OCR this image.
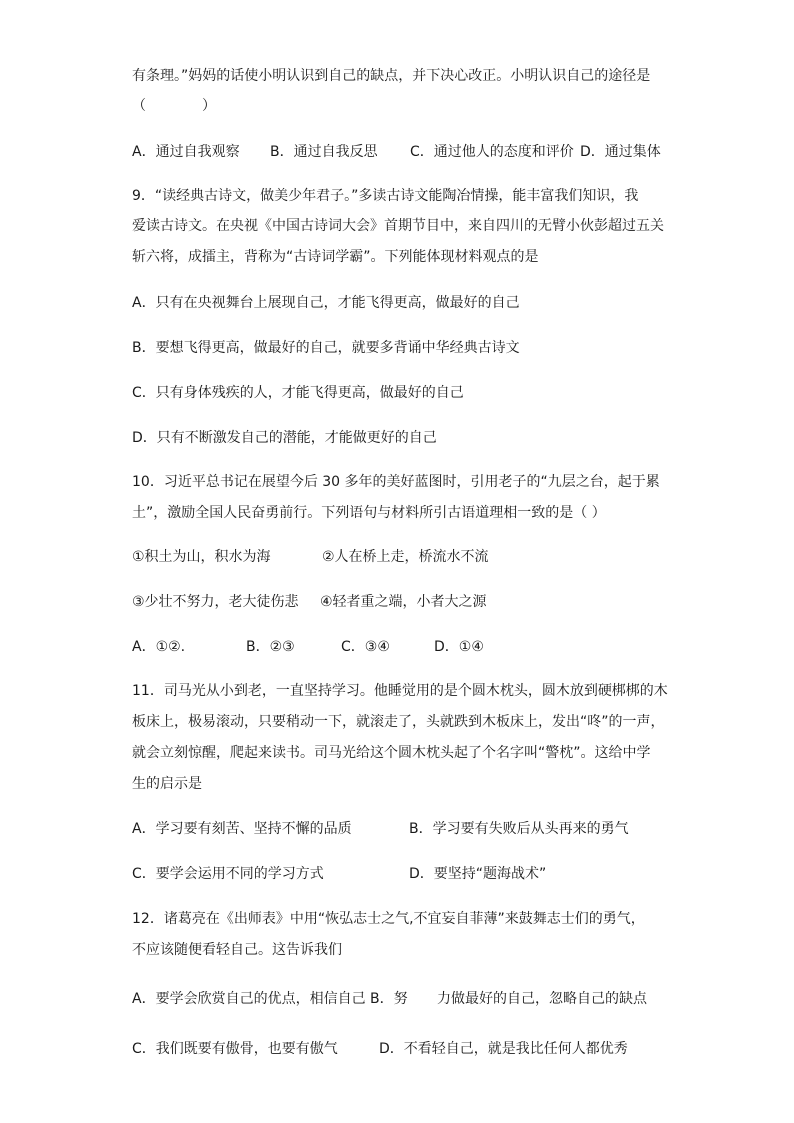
有条理。”妈妈的话使小明认识到自己的缺点，并下决心改正。小明认识自己的途径是

（　　　　）

A．通过自我观察 B．通过自我反思 C．通过他人的态度和评价 D．通过集体

9．“读经典古诗文，做美少年君子。”多读古诗文能陶冶情操，能丰富我们知识，我

爱读古诗文。在央视《中国古诗词大会》首期节目中，来自四川的无臂小伙彭超过五关

斩六将，成擂主，背称为“古诗词学霸”。下列能体现材料观点的是

A．只有在央视舞台上展现自己，才能飞得更高，做最好的自己

B．要想飞得更高，做最好的自己，就要多背诵中华经典古诗文

C．只有身体残疾的人，才能飞得更高，做最好的自己

D．只有不断激发自己的潜能，才能做更好的自己

10．习近平总书记在展望今后 30 多年的美好蓝图时，引用老子的“九层之台，起于累

土”，激励全国人民奋勇前行。下列语句与材料所引古语道理相一致的是（ ）

①积土为山，积水为海	②人在桥上走，桥流水不流
③少壮不努力，老大徒伤悲 ④轻者重之端，小者大之源
A．①②.	B．②③	C．③④	D．①④

11．司马光从小到老，一直坚持学习。他睡觉用的是个圆木枕头，圆木放到硬梆梆的木

板床上，极易滚动，只要稍动一下，就滚走了，头就跌到木板床上，发出“咚”的一声，

就会立刻惊醒，爬起来读书。司马光给这个圆木枕头起了个名字叫“警枕”。这给中学

生的启示是

A．学习要有刻苦、坚持不懈的品质	B．学习要有失败后从头再来的勇气
C．要学会运用不同的学习方式	D．要坚持“题海战术”

12．诸葛亮在《出师表》中用“恢弘志士之气,不宜妄自菲薄”来鼓舞志士们的勇气，

不应该随便看轻自己。这告诉我们

A．要学会欣赏自己的优点，相信自己 B．努 力做最好的自己，忽略自己的缺点
C．我们既要有傲骨，也要有傲气	D．不看轻自己，就是我比任何人都优秀
